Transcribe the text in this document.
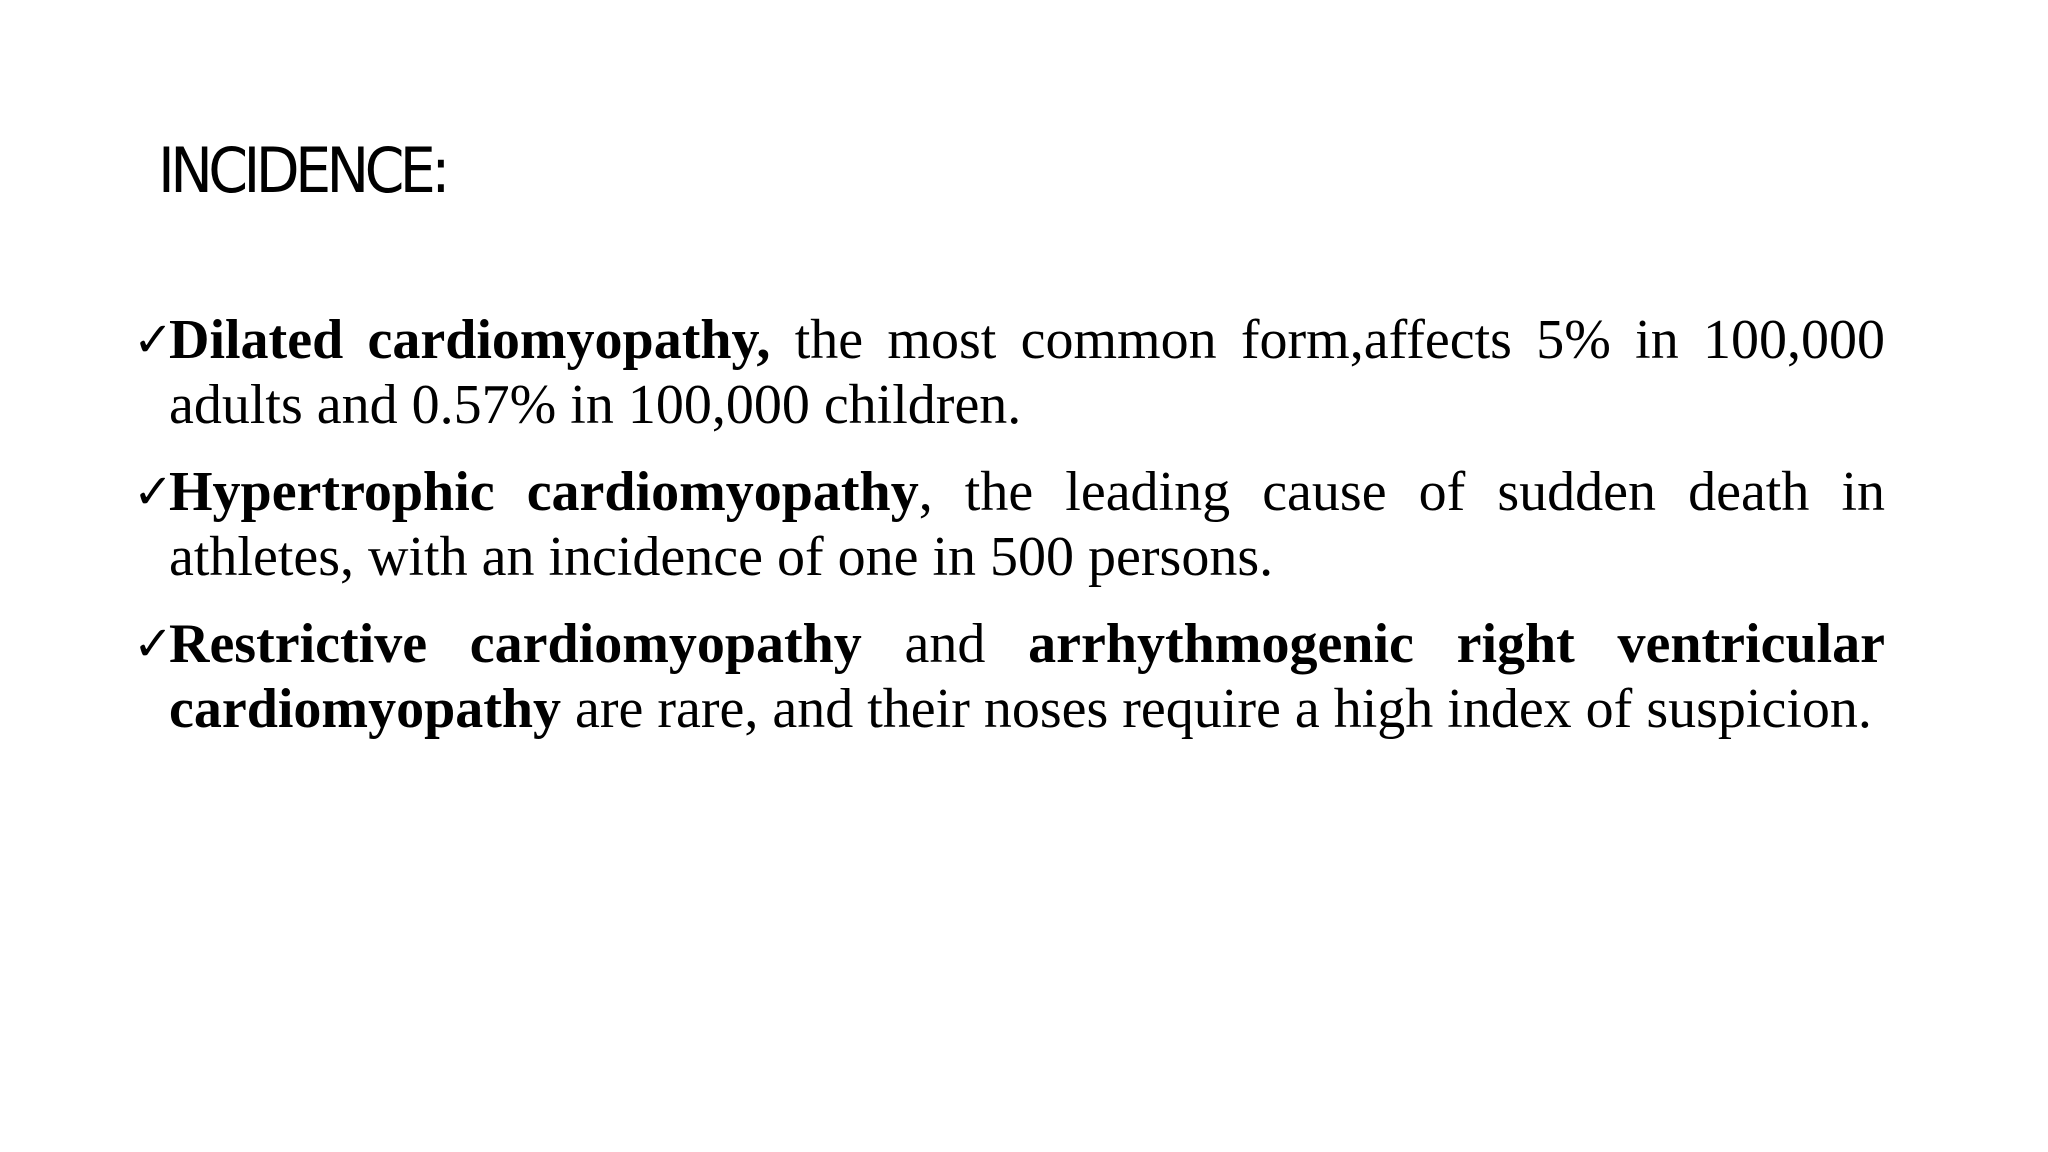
INCIDENCE:
✓
Dilated cardiomyopathy, the most common form,affects 5% in 100,000 adults and 0.57% in 100,000 children.
✓
Hypertrophic cardiomyopathy, the leading cause of sudden death in athletes, with an incidence of one in 500 persons.
✓
Restrictive cardiomyopathy and arrhythmogenic right ventricular cardiomyopathy are rare, and their noses require a high index of suspicion.
